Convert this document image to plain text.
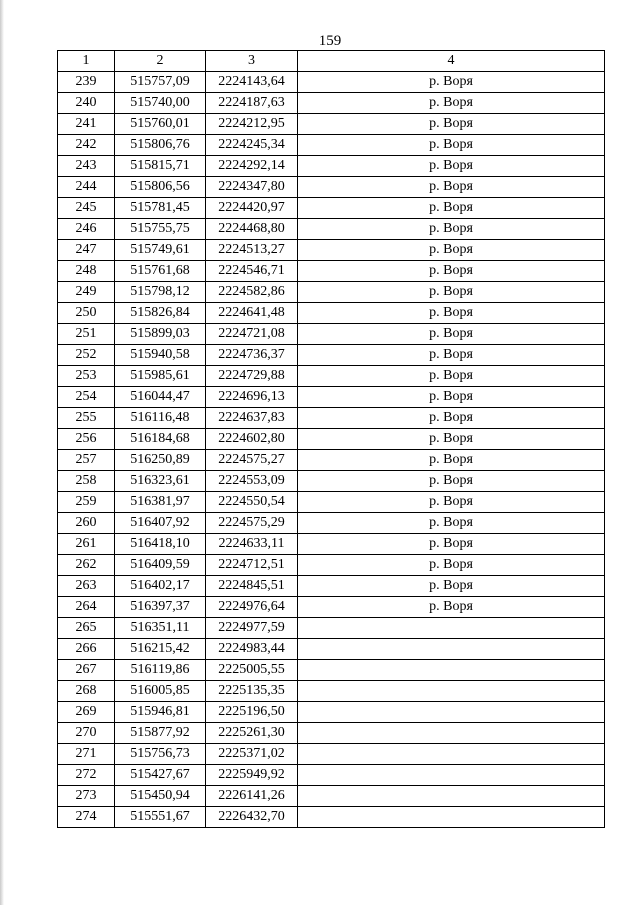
159
1	2	3	4
239	515757,09	2224143,64	р. Воря
240	515740,00	2224187,63	р. Воря
241	515760,01	2224212,95	р. Воря
242	515806,76	2224245,34	р. Воря
243	515815,71	2224292,14	р. Воря
244	515806,56	2224347,80	р. Воря
245	515781,45	2224420,97	р. Воря
246	515755,75	2224468,80	р. Воря
247	515749,61	2224513,27	р. Воря
248	515761,68	2224546,71	р. Воря
249	515798,12	2224582,86	р. Воря
250	515826,84	2224641,48	р. Воря
251	515899,03	2224721,08	р. Воря
252	515940,58	2224736,37	р. Воря
253	515985,61	2224729,88	р. Воря
254	516044,47	2224696,13	р. Воря
255	516116,48	2224637,83	р. Воря
256	516184,68	2224602,80	р. Воря
257	516250,89	2224575,27	р. Воря
258	516323,61	2224553,09	р. Воря
259	516381,97	2224550,54	р. Воря
260	516407,92	2224575,29	р. Воря
261	516418,10	2224633,11	р. Воря
262	516409,59	2224712,51	р. Воря
263	516402,17	2224845,51	р. Воря
264	516397,37	2224976,64	р. Воря
265	516351,11	2224977,59	
266	516215,42	2224983,44	
267	516119,86	2225005,55	
268	516005,85	2225135,35	
269	515946,81	2225196,50	
270	515877,92	2225261,30	
271	515756,73	2225371,02	
272	515427,67	2225949,92	
273	515450,94	2226141,26	
274	515551,67	2226432,70	
